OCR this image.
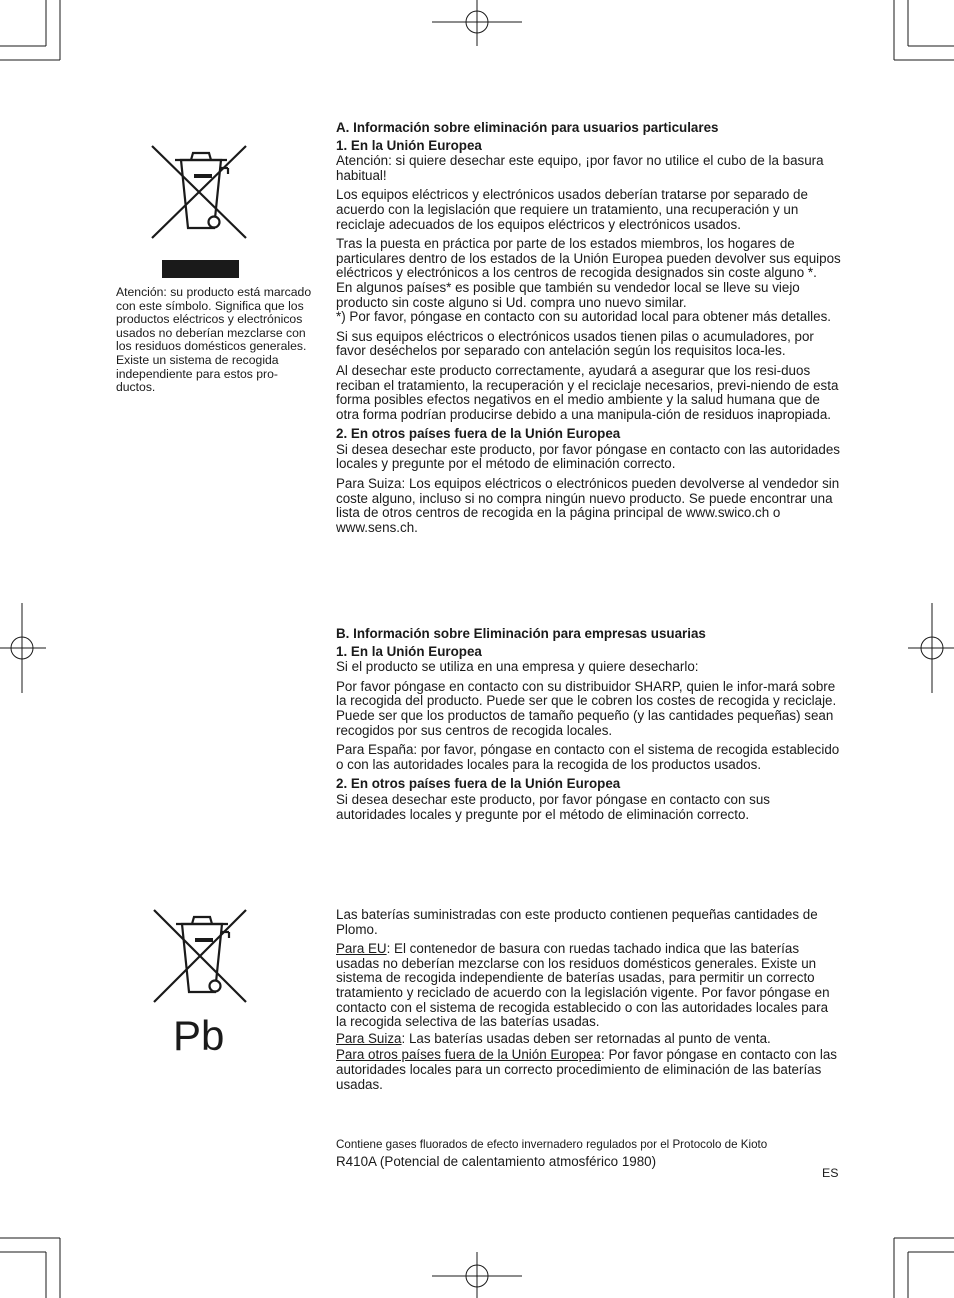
Atención: su producto está marcado con este símbolo. Significa que los productos eléctricos y electrónicos usados no deberían mezclarse con los residuos domésticos generales. Existe un sistema de recogida independiente para estos pro-ductos.

A. Información sobre eliminación para usuarios particulares

1. En la Unión Europea

Atención: si quiere desechar este equipo, ¡por favor no utilice el cubo de la basura habitual!

Los equipos eléctricos y electrónicos usados deberían tratarse por separado de acuerdo con la legislación que requiere un tratamiento, una recuperación y un reciclaje adecuados de los equipos eléctricos y electrónicos usados.

Tras la puesta en práctica por parte de los estados miembros, los hogares de particulares dentro de los estados de la Unión Europea pueden devolver sus equipos eléctricos y electrónicos a los centros de recogida designados sin coste alguno *.

En algunos países* es posible que también su vendedor local se lleve su viejo producto sin coste alguno si Ud. compra uno nuevo similar.

*) Por favor, póngase en contacto con su autoridad local para obtener más detalles.

Si sus equipos eléctricos o electrónicos usados tienen pilas o acumuladores, por favor deséchelos por separado con antelación según los requisitos loca-les.

Al desechar este producto correctamente, ayudará a asegurar que los resi-duos reciban el tratamiento, la recuperación y el reciclaje necesarios, previ-niendo de esta forma posibles efectos negativos en el medio ambiente y la salud humana que de otra forma podrían producirse debido a una manipula-ción de residuos inapropiada.

2. En otros países fuera de la Unión Europea

Si desea desechar este producto, por favor póngase en contacto con las autoridades locales y pregunte por el método de eliminación correcto.

Para Suiza: Los equipos eléctricos o electrónicos pueden devolverse al vendedor sin coste alguno, incluso si no compra ningún nuevo producto. Se puede encontrar una lista de otros centros de recogida en la página principal de www.swico.ch o www.sens.ch.

B. Información sobre Eliminación para empresas usuarias

1. En la Unión Europea

Si el producto se utiliza en una empresa y quiere desecharlo:

Por favor póngase en contacto con su distribuidor SHARP, quien le infor-mará sobre la recogida del producto. Puede ser que le cobren los costes de recogida y reciclaje. Puede ser que los productos de tamaño pequeño (y las cantidades pequeñas) sean recogidos por sus centros de recogida locales.

Para España: por favor, póngase en contacto con el sistema de recogida establecido o con las autoridades locales para la recogida de los productos usados.

2. En otros países fuera de la Unión Europea

Si desea desechar este producto, por favor póngase en contacto con sus autoridades locales y pregunte por el método de eliminación correcto.

Pb

Las baterías suministradas con este producto contienen pequeñas cantidades de Plomo.

Para EU: El contenedor de basura con ruedas tachado indica que las baterías usadas no deberían mezclarse con los residuos domésticos generales. Existe un sistema de recogida independiente de baterías usadas, para permitir un correcto tratamiento y reciclado de acuerdo con la legislación vigente. Por favor póngase en contacto con el sistema de recogida establecido o con las autoridades locales para la recogida selectiva de las baterías usadas.

Para Suiza: Las baterías usadas deben ser retornadas al punto de venta.

Para otros países fuera de la Unión Europea: Por favor póngase en contacto con las autoridades locales para un correcto procedimiento de eliminación de las baterías usadas.

Contiene gases fluorados de efecto invernadero regulados por el Protocolo de Kioto
R410A (Potencial de calentamiento atmosférico 1980)
ES
